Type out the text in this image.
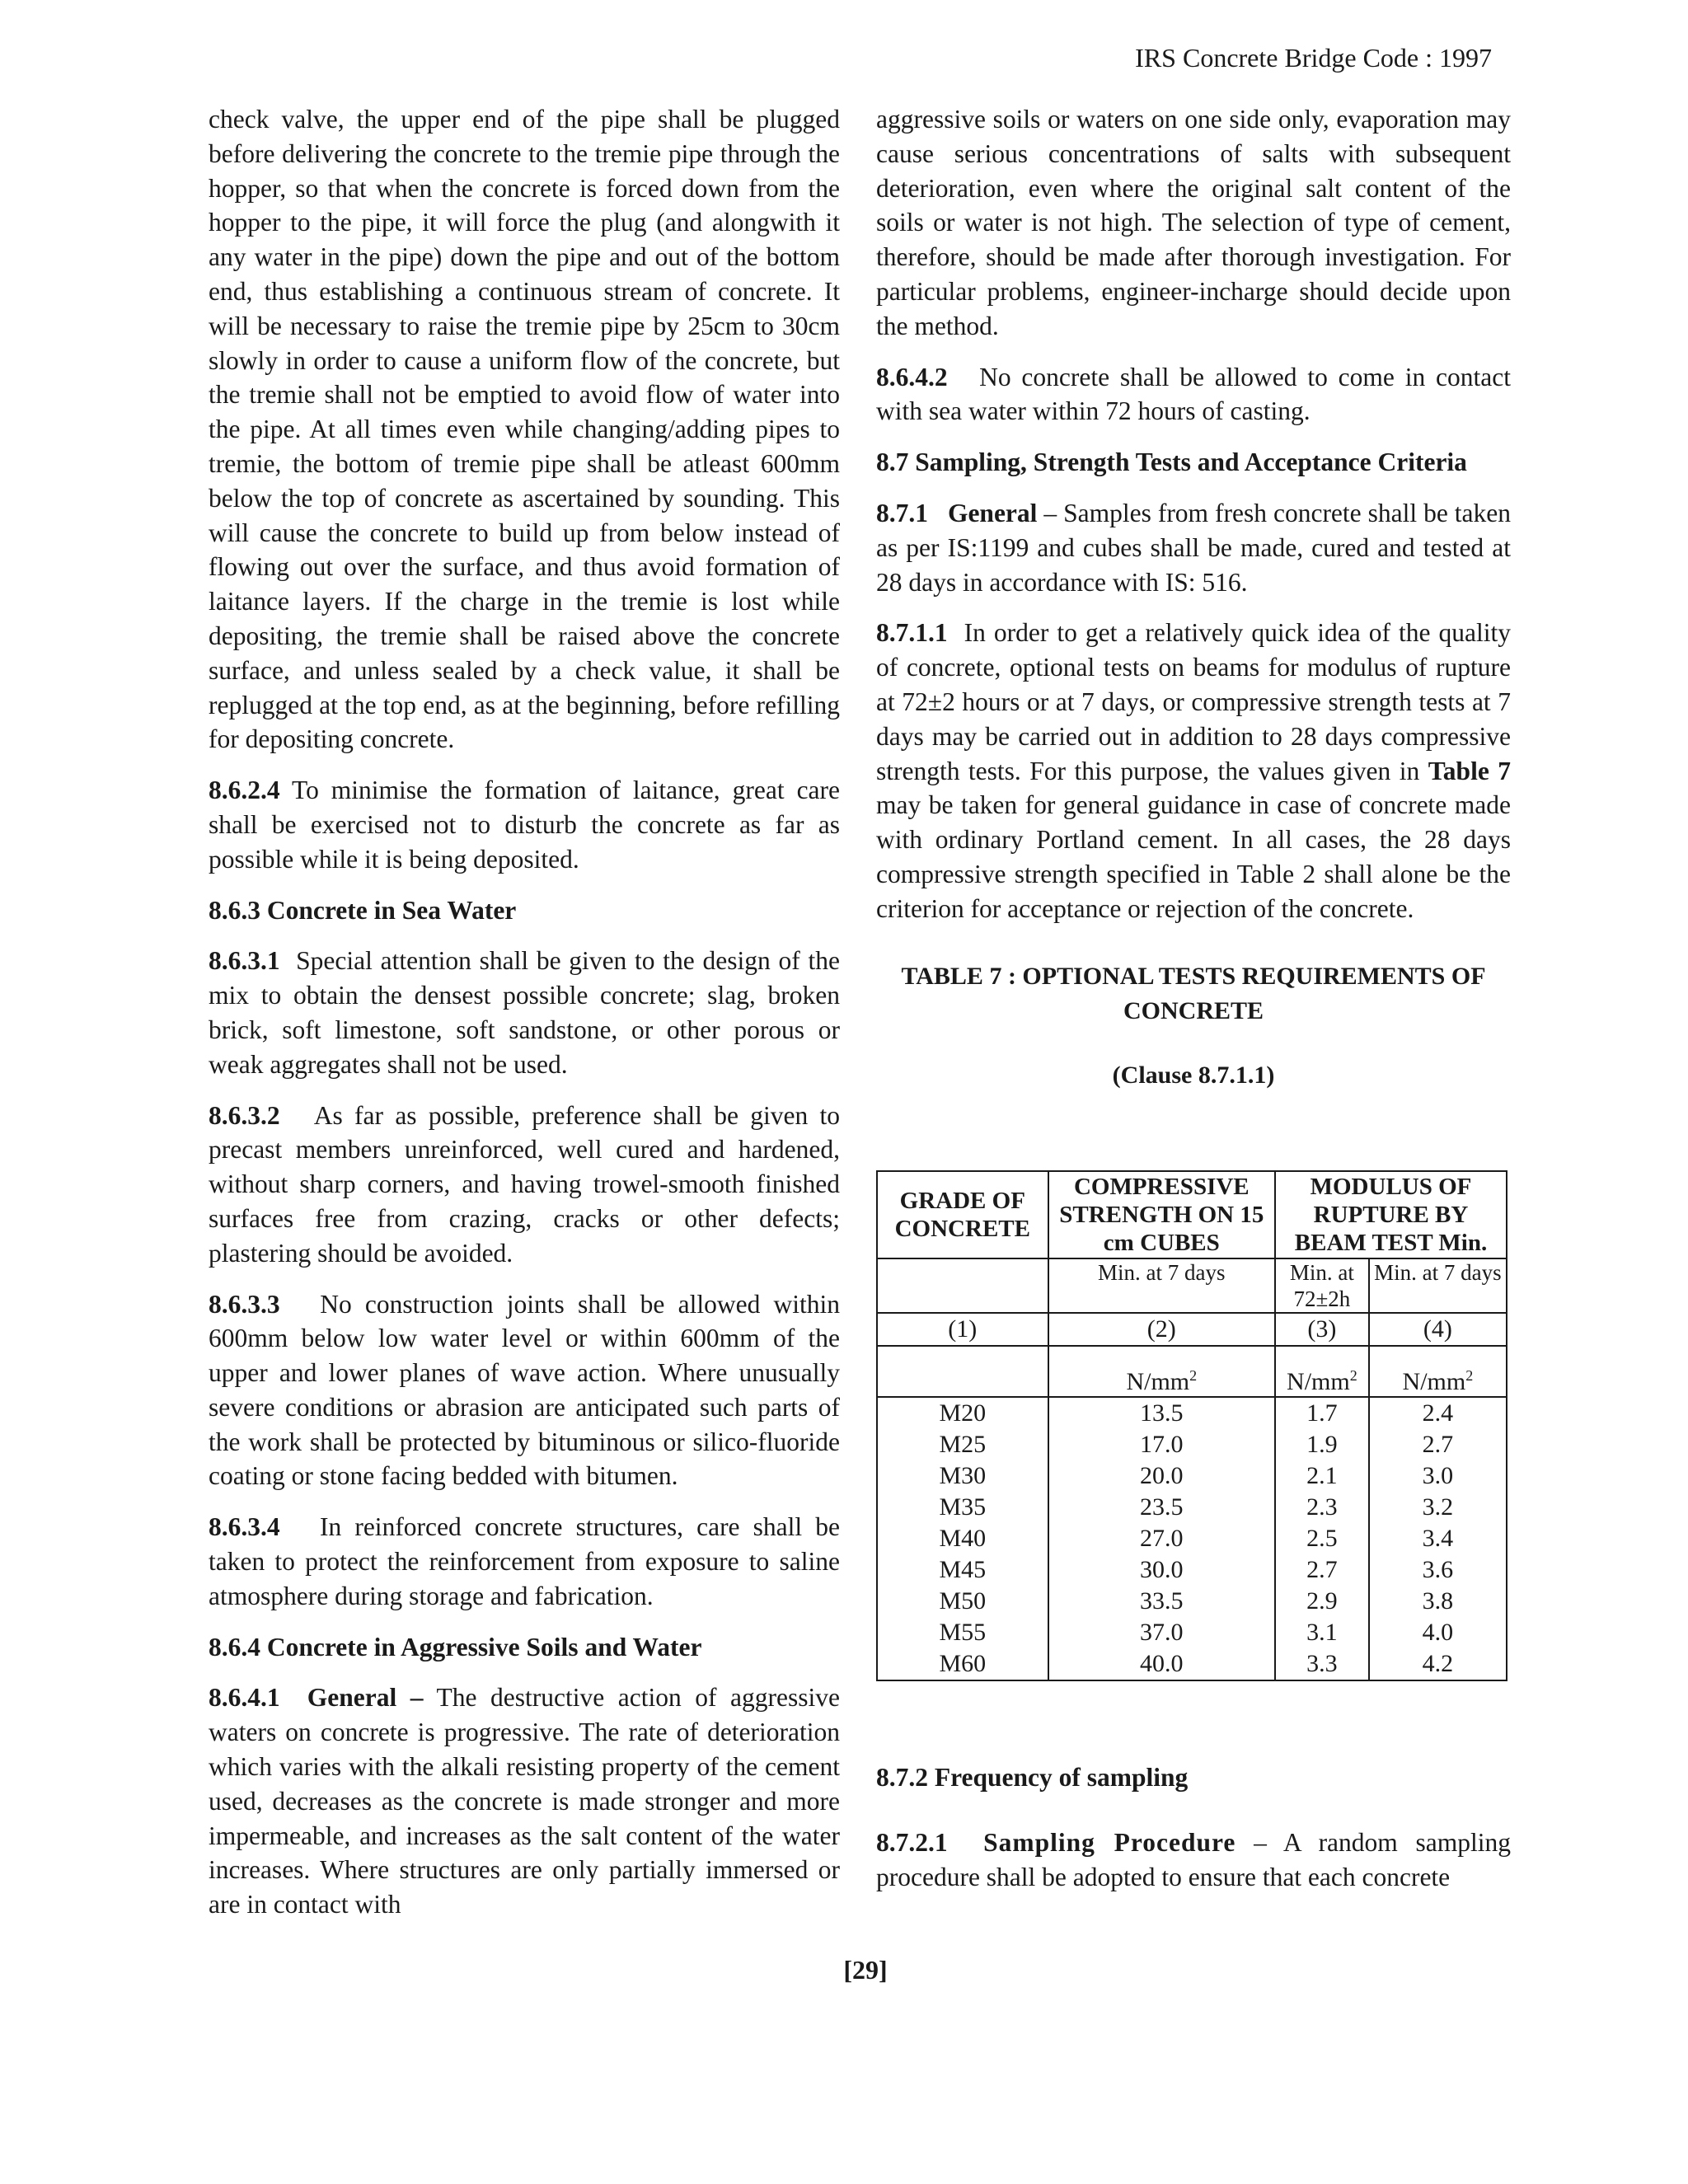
IRS Concrete Bridge Code : 1997

check valve, the upper end of the pipe shall be plugged before delivering the concrete to the tremie pipe through the hopper, so that when the concrete is forced down from the hopper to the pipe, it will force the plug (and alongwith it any water in the pipe) down the pipe and out of the bottom end, thus establishing a continuous stream of concrete. It will be necessary to raise the tremie pipe by 25cm to 30cm slowly in order to cause a uniform flow of the concrete, but the tremie shall not be emptied to avoid flow of water into the pipe. At all times even while changing/adding pipes to tremie, the bottom of tremie pipe shall be atleast 600mm below the top of concrete as ascertained by sounding. This will cause the concrete to build up from below instead of flowing out over the surface, and thus avoid formation of laitance layers. If the charge in the tremie is lost while depositing, the tremie shall be raised above the concrete surface, and unless sealed by a check value, it shall be replugged at the top end, as at the beginning, before refilling for depositing concrete.

8.6.2.4 To minimise the formation of laitance, great care shall be exercised not to disturb the concrete as far as possible while it is being deposited.

8.6.3 Concrete in Sea Water

8.6.3.1 Special attention shall be given to the design of the mix to obtain the densest possible concrete; slag, broken brick, soft limestone, soft sandstone, or other porous or weak aggregates shall not be used.

8.6.3.2 As far as possible, preference shall be given to precast members unreinforced, well cured and hardened, without sharp corners, and having trowel-smooth finished surfaces free from crazing, cracks or other defects; plastering should be avoided.

8.6.3.3 No construction joints shall be allowed within 600mm below low water level or within 600mm of the upper and lower planes of wave action. Where unusually severe conditions or abrasion are anticipated such parts of the work shall be protected by bituminous or silico-fluoride coating or stone facing bedded with bitumen.

8.6.3.4 In reinforced concrete structures, care shall be taken to protect the reinforcement from exposure to saline atmosphere during storage and fabrication.

8.6.4 Concrete in Aggressive Soils and Water

8.6.4.1 General – The destructive action of aggressive waters on concrete is progressive. The rate of deterioration which varies with the alkali resisting property of the cement used, decreases as the concrete is made stronger and more impermeable, and increases as the salt content of the water increases. Where structures are only partially immersed or are in contact with

aggressive soils or waters on one side only, evaporation may cause serious concentrations of salts with subsequent deterioration, even where the original salt content of the soils or water is not high. The selection of type of cement, therefore, should be made after thorough investigation. For particular problems, engineer-incharge should decide upon the method.

8.6.4.2 No concrete shall be allowed to come in contact with sea water within 72 hours of casting.

8.7 Sampling, Strength Tests and Acceptance Criteria

8.7.1 General – Samples from fresh concrete shall be taken as per IS:1199 and cubes shall be made, cured and tested at 28 days in accordance with IS: 516.

8.7.1.1 In order to get a relatively quick idea of the quality of concrete, optional tests on beams for modulus of rupture at 72±2 hours or at 7 days, or compressive strength tests at 7 days may be carried out in addition to 28 days compressive strength tests. For this purpose, the values given in Table 7 may be taken for general guidance in case of concrete made with ordinary Portland cement. In all cases, the 28 days compressive strength specified in Table 2 shall alone be the criterion for acceptance or rejection of the concrete.

TABLE 7 : OPTIONAL TESTS REQUIREMENTS OF CONCRETE
(Clause 8.7.1.1)
GRADE OF CONCRETE	COMPRESSIVE STRENGTH ON 15 cm CUBES	MODULUS OF RUPTURE BY BEAM TEST Min.	
	Min. at 7 days	Min. at 72±2h	Min. at 7 days
(1)	(2)	(3)	(4)
	$N/mm^2$	$N/mm^2$	$N/mm^2$
M20	13.5	1.7	2.4
M25	17.0	1.9	2.7
M30	20.0	2.1	3.0
M35	23.5	2.3	3.2
M40	27.0	2.5	3.4
M45	30.0	2.7	3.6
M50	33.5	2.9	3.8
M55	37.0	3.1	4.0
M60	40.0	3.3	4.2
8.7.2 Frequency of sampling

8.7.2.1 Sampling Procedure – A random sampling procedure shall be adopted to ensure that each concrete

[29]
